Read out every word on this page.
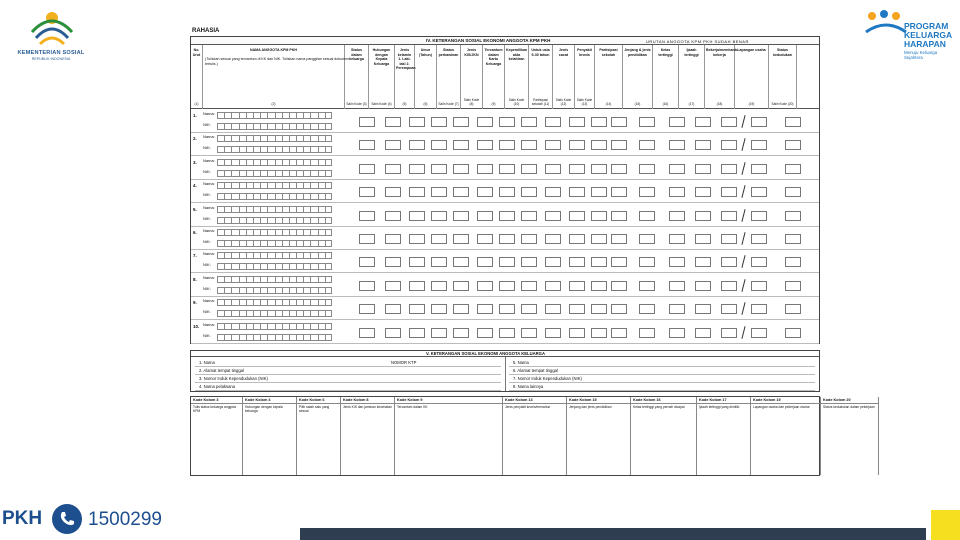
KEMENTERIAN SOSIAL
REPUBLIK INDONESIA
PROGRAM
KELUARGA
HARAPAN
Menuju Keluarga Sejahtera
RAHASIA
IV. KETERANGAN SOSIAL EKONOMI ANGGOTA KPM PKH	URUTAN ANGGOTA KPM PKH SUDAH BENAR
No. Urut
(1)
NAMA ANGGOTA KPM PKH
(2)
Status dalam keluarga
Salin Kode (3)
Hubungan dengan Kepala Keluarga
Salin Kode (4)
Jenis kelamin 1. Laki-laki 2. Perempuan
(5)
Umur (Tahun)
(6)
Status perkawinan
Salin Kode (7)
Jenis KIS/JKN
Salin Kode (8)
Tercantum dalam Kartu Keluarga
(9)
Kepemilikan akta kelahiran
Salin Kode (10)
Untuk usia 5-30 tahun
Partisipasi sekolah (11)
Jenis cacat
Salin Kode (12)
Penyakit kronis
Salin Kode (13)
Partisipasi sekolah
(14)
Jenjang & jenis pendidikan
(15)
Kelas tertinggi
(16)
Ijazah tertinggi
(17)
Bekerja/membantu bekerja
(18)
Lapangan usaha
(19)
Status kedudukan
Salin Kode (20)
(Tuliskan sesuai yang tercantum di KK dan NIK. Tuliskan nama panggilan sesuai dokumen tertulis.)
1. Nama:
NIK:
2. Nama:
NIK:
3. Nama:
NIK:
4. Nama:
NIK:
5. Nama:
NIK:
6. Nama:
NIK:
7. Nama:
NIK:
8. Nama:
NIK:
9. Nama:
NIK:
10. Nama:
NIK:
V. KETERANGAN SOSIAL EKONOMI ANGGOTA KELUARGA
1. Nama
2. Alamat tempat tinggal
3. Nomor Induk Kependudukan (NIK)
4. Nama pelaksana
5. Nama
6. Alamat tempat tinggal
7. Nomor Induk Kependudukan (NIK)
8. Nama lainnya
NOMOR KTP
Kode Kolom 3

Tulis status keluarga anggota KPM

Kode Kolom 4

Hubungan dengan kepala keluarga

Kode Kolom 6

Pilih salah satu yang sesuai

Kode Kolom 8

Jenis KIS dan jaminan kesehatan

Kode Kolom 9

Tercantum dalam KK

Kode Kolom 13

Jenis penyakit kronis/menahun

Kode Kolom 15

Jenjang dan jenis pendidikan

Kode Kolom 16

Kelas tertinggi yang pernah dicapai

Kode Kolom 17

Ijazah tertinggi yang dimiliki

Kode Kolom 19

Lapangan usaha dari pekerjaan utama

Kode Kolom 20

Status kedudukan dalam pekerjaan

PKH 1500299
